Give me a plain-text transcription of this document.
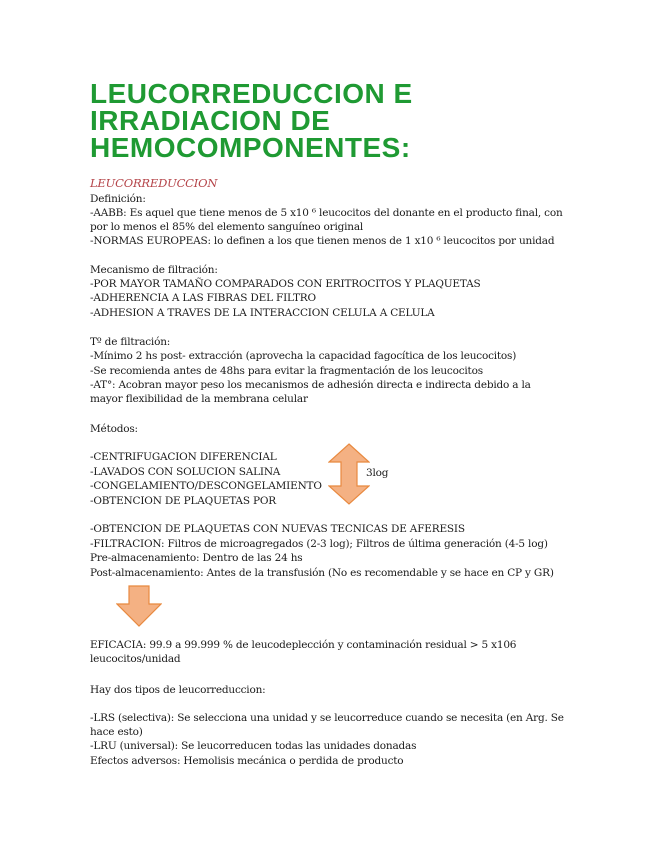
LEUCORREDUCCION E
IRRADIACION DE
HEMOCOMPONENTES:
LEUCORREDUCCION
Definición:
-AABB: Es aquel que tiene menos de 5 x10 ⁶ leucocitos del donante en el producto final, con por lo menos el 85% del elemento sanguíneo original
-NORMAS EUROPEAS: lo definen a los que tienen menos de 1 x10 ⁶ leucocitos por unidad
Mecanismo de filtración:
-POR MAYOR TAMAÑO COMPARADOS CON ERITROCITOS Y PLAQUETAS
-ADHERENCIA A LAS FIBRAS DEL FILTRO
-ADHESION A TRAVES DE LA INTERACCION CELULA A CELULA
Tº de filtración:
-Mínimo 2 hs post- extracción (aprovecha la capacidad fagocítica de los leucocitos)
-Se recomienda antes de 48hs para evitar la fragmentación de los leucocitos
-AT°: Acobran mayor peso los mecanismos de adhesión directa e indirecta debido a la mayor flexibilidad de la membrana celular
Métodos:
-CENTRIFUGACION DIFERENCIAL
-LAVADOS CON SOLUCION SALINA
-CONGELAMIENTO/DESCONGELAMIENTO
-OBTENCION DE PLAQUETAS POR
3log
-OBTENCION DE PLAQUETAS CON NUEVAS TECNICAS DE AFERESIS
-FILTRACION: Filtros de microagregados (2-3 log); Filtros de última generación (4-5 log)
Pre-almacenamiento: Dentro de las 24 hs
Post-almacenamiento: Antes de la transfusión (No es recomendable y se hace en CP y GR)
EFICACIA: 99.9 a 99.999 % de leucodeplección y contaminación residual > 5 x106 leucocitos/unidad
Hay dos tipos de leucorreduccion:
-LRS (selectiva): Se selecciona una unidad y se leucorreduce cuando se necesita (en Arg. Se hace esto)
-LRU (universal): Se leucorreducen todas las unidades donadas
Efectos adversos: Hemolisis mecánica o perdida de producto
